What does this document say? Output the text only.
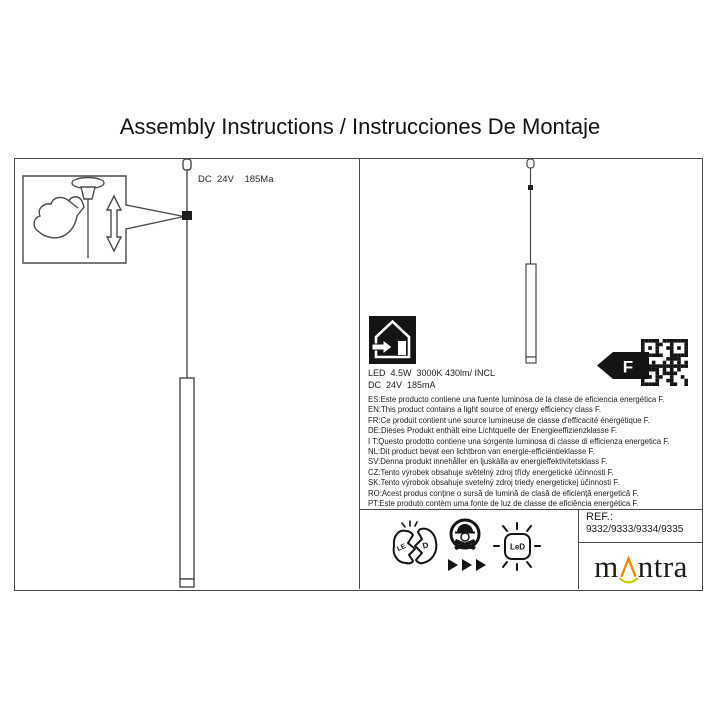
Assembly Instructions / Instrucciones De Montaje
DC  24V    185Ma
F
LED  4.5W  3000K 430lm/ INCL
DC  24V  185mA
ES:Este producto contiene una fuente luminosa de la clase de eficiencia energética F.
EN:This product contains a light source of energy efficiency class F.
FR:Ce produit contient une source lumineuse de classe d'efficacité énergétique F.
DE:Dieses Produkt enthält eine Lichtquelle der Energieeffizienzklasse F.
I T:Questo prodotto contiene una sorgente luminosa di classe di efficienza energetica F.
NL:Dit product bevat een lichtbron van energie-efficiëntieklasse F.
SV:Denna produkt innehåller en ljuskälla av energieffektivitetsklass F.
CZ:Tento výrobek obsahuje světelný zdroj třídy energetické účinnosti F.
SK:Tento výrobok obsahuje svetelný zdroj triedy energetickej účinnosti F.
RO:Acest produs conține o sursă de lumină de clasă de eficiență energetică F.
PT:Este produto contém uma fonte de luz de classe de eficiência energética F.
LE D	LeD
REF.:
9332/9333/9334/9335
m ntra
